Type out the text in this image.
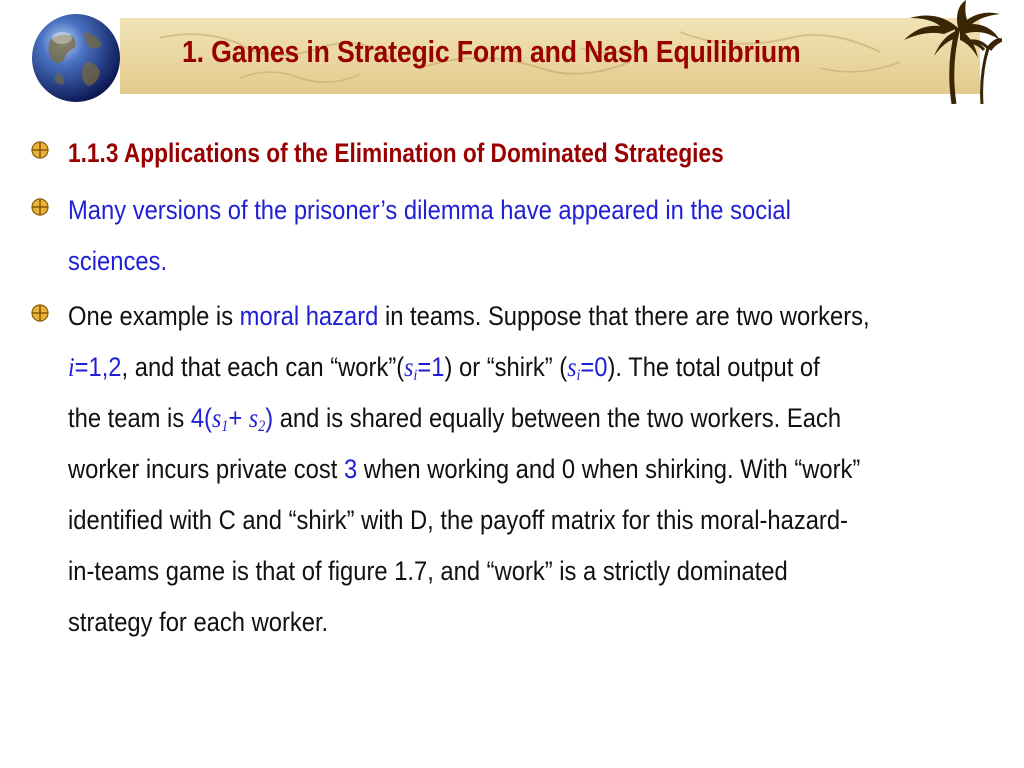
1. Games in Strategic Form and Nash Equilibrium
1.1.3 Applications of the Elimination of Dominated Strategies
Many versions of the prisoner’s dilemma have appeared in the social
sciences.
One example is moral hazard in teams. Suppose that there are two workers,
i=1,2, and that each can “$work”(s_i=1)$ or “shirk” $(s_i=0)$. The total output of
the team is $4(s_1+ s_2)$ and is shared equally between the two workers. Each
worker incurs private cost 3 when working and 0 when shirking. With “work”
identified with C and “shirk” with D, the payoff matrix for this moral-hazard-
in-teams game is that of figure 1.7, and “work” is a strictly dominated
strategy for each worker.
